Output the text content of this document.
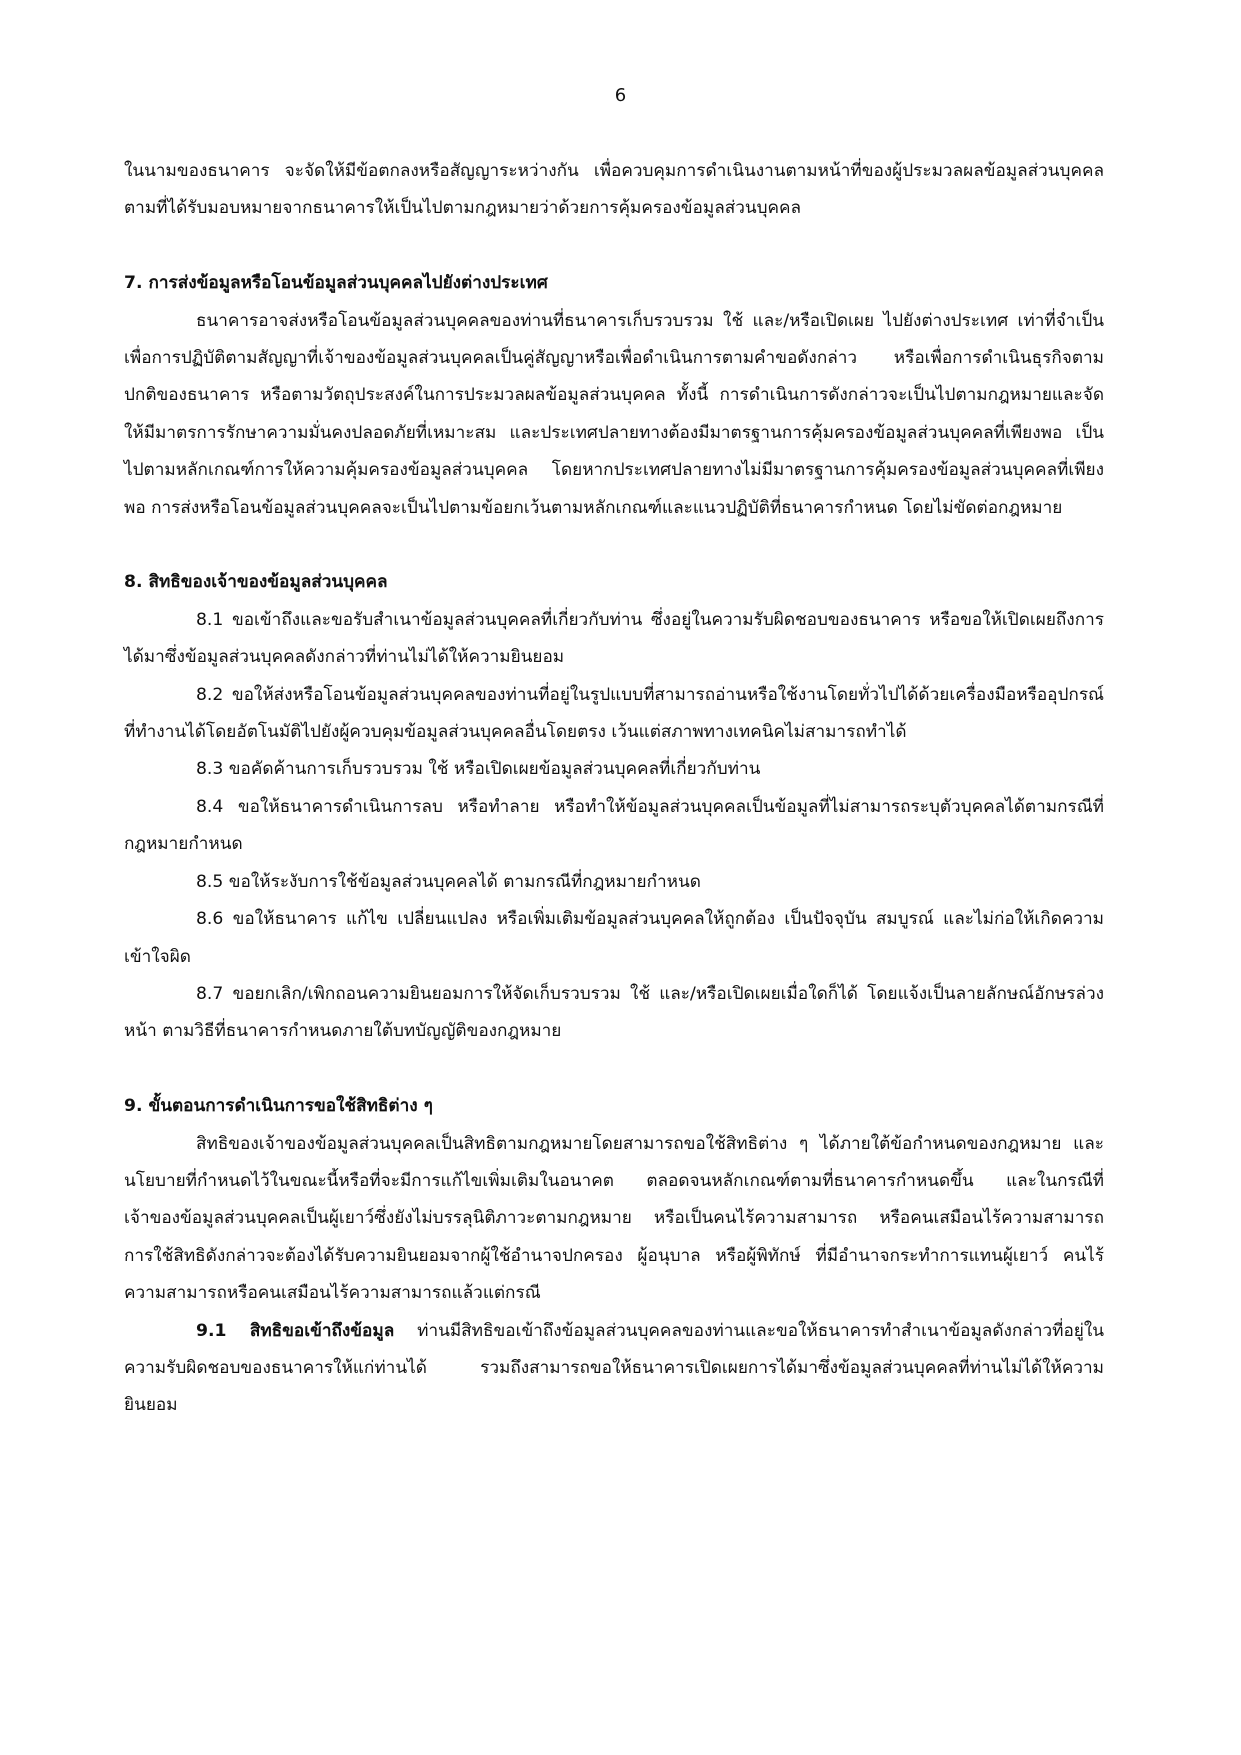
6

ในนามของธนาคาร จะจัดให้มีข้อตกลงหรือสัญญาระหว่างกัน เพื่อควบคุมการดำเนินงานตามหน้าที่ของผู้ประมวลผลข้อมูลส่วนบุคคลตามที่ได้รับมอบหมายจากธนาคารให้เป็นไปตามกฎหมายว่าด้วยการคุ้มครองข้อมูลส่วนบุคคล

7. การส่งข้อมูลหรือโอนข้อมูลส่วนบุคคลไปยังต่างประเทศ

ธนาคารอาจส่งหรือโอนข้อมูลส่วนบุคคลของท่านที่ธนาคารเก็บรวบรวม ใช้ และ/หรือเปิดเผย ไปยังต่างประเทศ เท่าที่จำเป็นเพื่อการปฏิบัติตามสัญญาที่เจ้าของข้อมูลส่วนบุคคลเป็นคู่สัญญาหรือเพื่อดำเนินการตามคำขอดังกล่าว หรือเพื่อการดำเนินธุรกิจตามปกติของธนาคาร หรือตามวัตถุประสงค์ในการประมวลผลข้อมูลส่วนบุคคล ทั้งนี้ การดำเนินการดังกล่าวจะเป็นไปตามกฎหมายและจัดให้มีมาตรการรักษาความมั่นคงปลอดภัยที่เหมาะสม และประเทศปลายทางต้องมีมาตรฐานการคุ้มครองข้อมูลส่วนบุคคลที่เพียงพอ เป็นไปตามหลักเกณฑ์การให้ความคุ้มครองข้อมูลส่วนบุคคล โดยหากประเทศปลายทางไม่มีมาตรฐานการคุ้มครองข้อมูลส่วนบุคคลที่เพียงพอ การส่งหรือโอนข้อมูลส่วนบุคคลจะเป็นไปตามข้อยกเว้นตามหลักเกณฑ์และแนวปฏิบัติที่ธนาคารกำหนด โดยไม่ขัดต่อกฎหมาย

8. สิทธิของเจ้าของข้อมูลส่วนบุคคล

8.1 ขอเข้าถึงและขอรับสำเนาข้อมูลส่วนบุคคลที่เกี่ยวกับท่าน ซึ่งอยู่ในความรับผิดชอบของธนาคาร หรือขอให้เปิดเผยถึงการได้มาซึ่งข้อมูลส่วนบุคคลดังกล่าวที่ท่านไม่ได้ให้ความยินยอม

8.2 ขอให้ส่งหรือโอนข้อมูลส่วนบุคคลของท่านที่อยู่ในรูปแบบที่สามารถอ่านหรือใช้งานโดยทั่วไปได้ด้วยเครื่องมือหรืออุปกรณ์ที่ทำงานได้โดยอัตโนมัติไปยังผู้ควบคุมข้อมูลส่วนบุคคลอื่นโดยตรง เว้นแต่สภาพทางเทคนิคไม่สามารถทำได้

8.3 ขอคัดค้านการเก็บรวบรวม ใช้ หรือเปิดเผยข้อมูลส่วนบุคคลที่เกี่ยวกับท่าน

8.4 ขอให้ธนาคารดำเนินการลบ หรือทำลาย หรือทำให้ข้อมูลส่วนบุคคลเป็นข้อมูลที่ไม่สามารถระบุตัวบุคคลได้ตามกรณีที่กฎหมายกำหนด

8.5 ขอให้ระงับการใช้ข้อมูลส่วนบุคคลได้ ตามกรณีที่กฎหมายกำหนด

8.6 ขอให้ธนาคาร แก้ไข เปลี่ยนแปลง หรือเพิ่มเติมข้อมูลส่วนบุคคลให้ถูกต้อง เป็นปัจจุบัน สมบูรณ์ และไม่ก่อให้เกิดความเข้าใจผิด

8.7 ขอยกเลิก/เพิกถอนความยินยอมการให้จัดเก็บรวบรวม ใช้ และ/หรือเปิดเผยเมื่อใดก็ได้ โดยแจ้งเป็นลายลักษณ์อักษรล่วงหน้า ตามวิธีที่ธนาคารกำหนดภายใต้บทบัญญัติของกฎหมาย

9. ขั้นตอนการดำเนินการขอใช้สิทธิต่าง ๆ

สิทธิของเจ้าของข้อมูลส่วนบุคคลเป็นสิทธิตามกฎหมายโดยสามารถขอใช้สิทธิต่าง ๆ ได้ภายใต้ข้อกำหนดของกฎหมาย และนโยบายที่กำหนดไว้ในขณะนี้หรือที่จะมีการแก้ไขเพิ่มเติมในอนาคต ตลอดจนหลักเกณฑ์ตามที่ธนาคารกำหนดขึ้น และในกรณีที่เจ้าของข้อมูลส่วนบุคคลเป็นผู้เยาว์ซึ่งยังไม่บรรลุนิติภาวะตามกฎหมาย หรือเป็นคนไร้ความสามารถ หรือคนเสมือนไร้ความสามารถ การใช้สิทธิดังกล่าวจะต้องได้รับความยินยอมจากผู้ใช้อำนาจปกครอง ผู้อนุบาล หรือผู้พิทักษ์ ที่มีอำนาจกระทำการแทนผู้เยาว์ คนไร้ความสามารถหรือคนเสมือนไร้ความสามารถแล้วแต่กรณี

9.1 สิทธิขอเข้าถึงข้อมูล ท่านมีสิทธิขอเข้าถึงข้อมูลส่วนบุคคลของท่านและขอให้ธนาคารทำสำเนาข้อมูลดังกล่าวที่อยู่ในความรับผิดชอบของธนาคารให้แก่ท่านได้ รวมถึงสามารถขอให้ธนาคารเปิดเผยการได้มาซึ่งข้อมูลส่วนบุคคลที่ท่านไม่ได้ให้ความยินยอม
